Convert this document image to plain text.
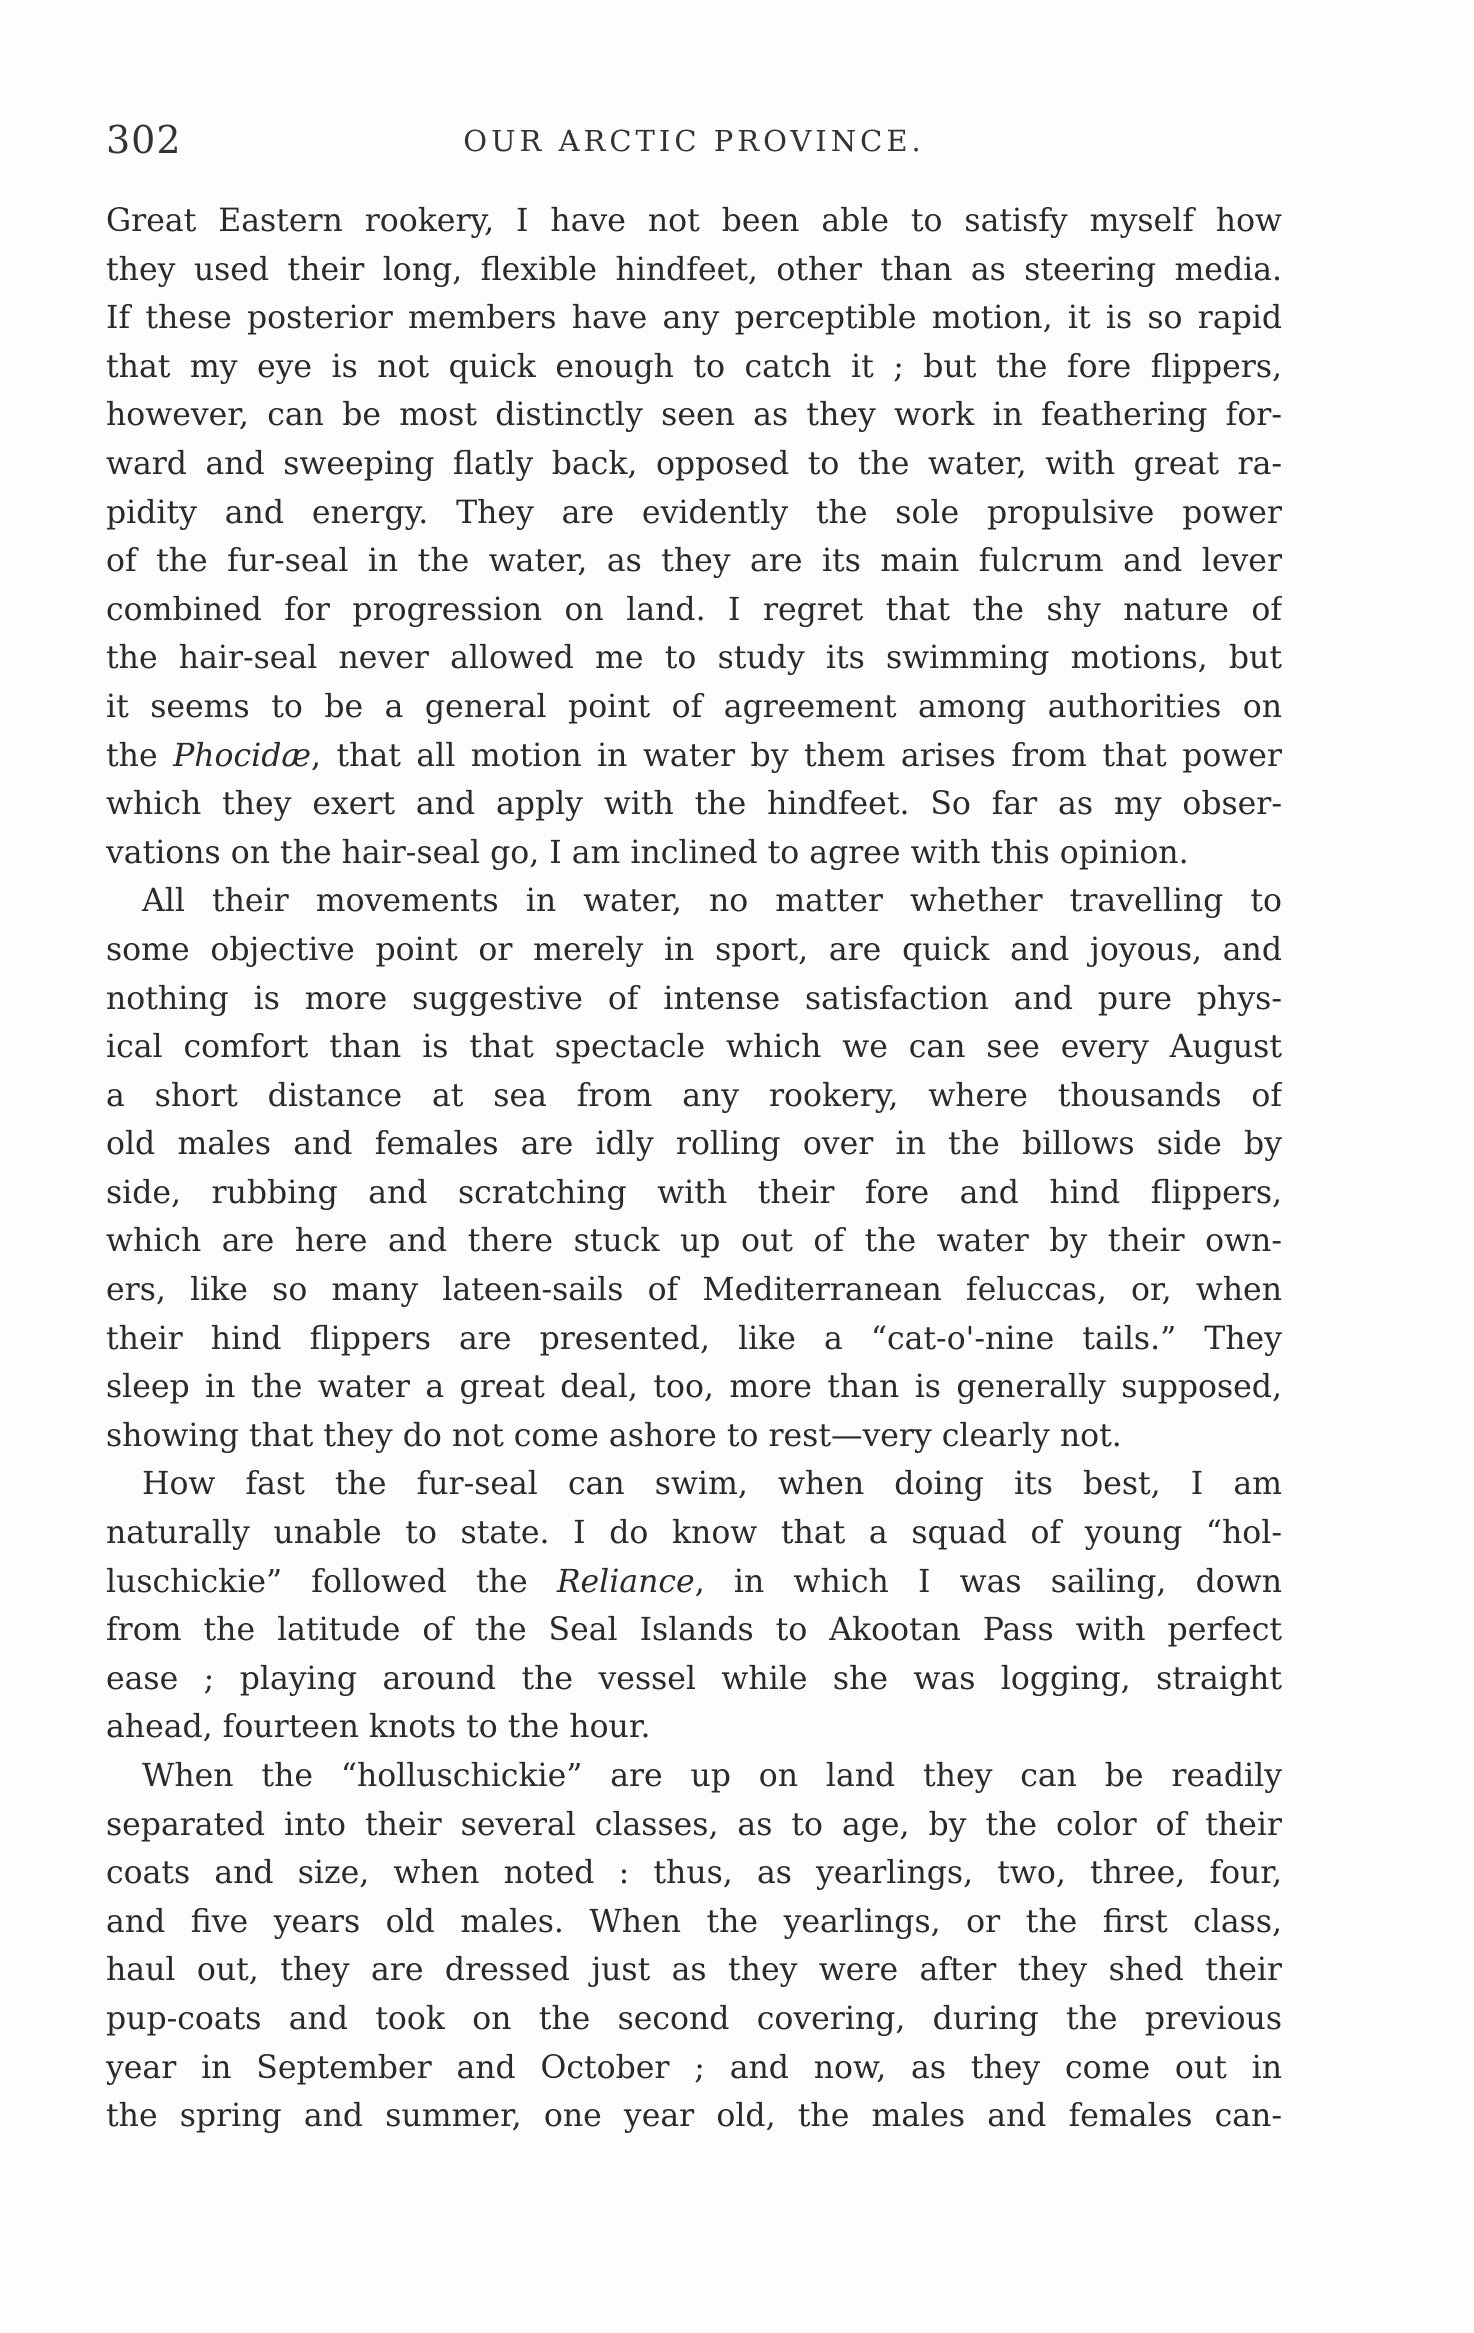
302	OUR ARCTIC PROVINCE.
Great Eastern rookery, I have not been able to satisfy myself how
they used their long, flexible hindfeet, other than as steering media.
If these posterior members have any perceptible motion, it is so rapid
that my eye is not quick enough to catch it ; but the fore flippers,
however, can be most distinctly seen as they work in feathering for-
ward and sweeping flatly back, opposed to the water, with great ra-
pidity and energy. They are evidently the sole propulsive power
of the fur-seal in the water, as they are its main fulcrum and lever
combined for progression on land. I regret that the shy nature of
the hair-seal never allowed me to study its swimming motions, but
it seems to be a general point of agreement among authorities on
the Phocidæ, that all motion in water by them arises from that power
which they exert and apply with the hindfeet. So far as my obser-
vations on the hair-seal go, I am inclined to agree with this opinion.
All their movements in water, no matter whether travelling to
some objective point or merely in sport, are quick and joyous, and
nothing is more suggestive of intense satisfaction and pure phys-
ical comfort than is that spectacle which we can see every August
a short distance at sea from any rookery, where thousands of
old males and females are idly rolling over in the billows side by
side, rubbing and scratching with their fore and hind flippers,
which are here and there stuck up out of the water by their own-
ers, like so many lateen-sails of Mediterranean feluccas, or, when
their hind flippers are presented, like a “cat-o'-nine tails.” They
sleep in the water a great deal, too, more than is generally supposed,
showing that they do not come ashore to rest—very clearly not.
How fast the fur-seal can swim, when doing its best, I am
naturally unable to state. I do know that a squad of young “hol-
luschickie” followed the Reliance, in which I was sailing, down
from the latitude of the Seal Islands to Akootan Pass with perfect
ease ; playing around the vessel while she was logging, straight
ahead, fourteen knots to the hour.
When the “holluschickie” are up on land they can be readily
separated into their several classes, as to age, by the color of their
coats and size, when noted : thus, as yearlings, two, three, four,
and five years old males. When the yearlings, or the first class,
haul out, they are dressed just as they were after they shed their
pup-coats and took on the second covering, during the previous
year in September and October ; and now, as they come out in
the spring and summer, one year old, the males and females can-
